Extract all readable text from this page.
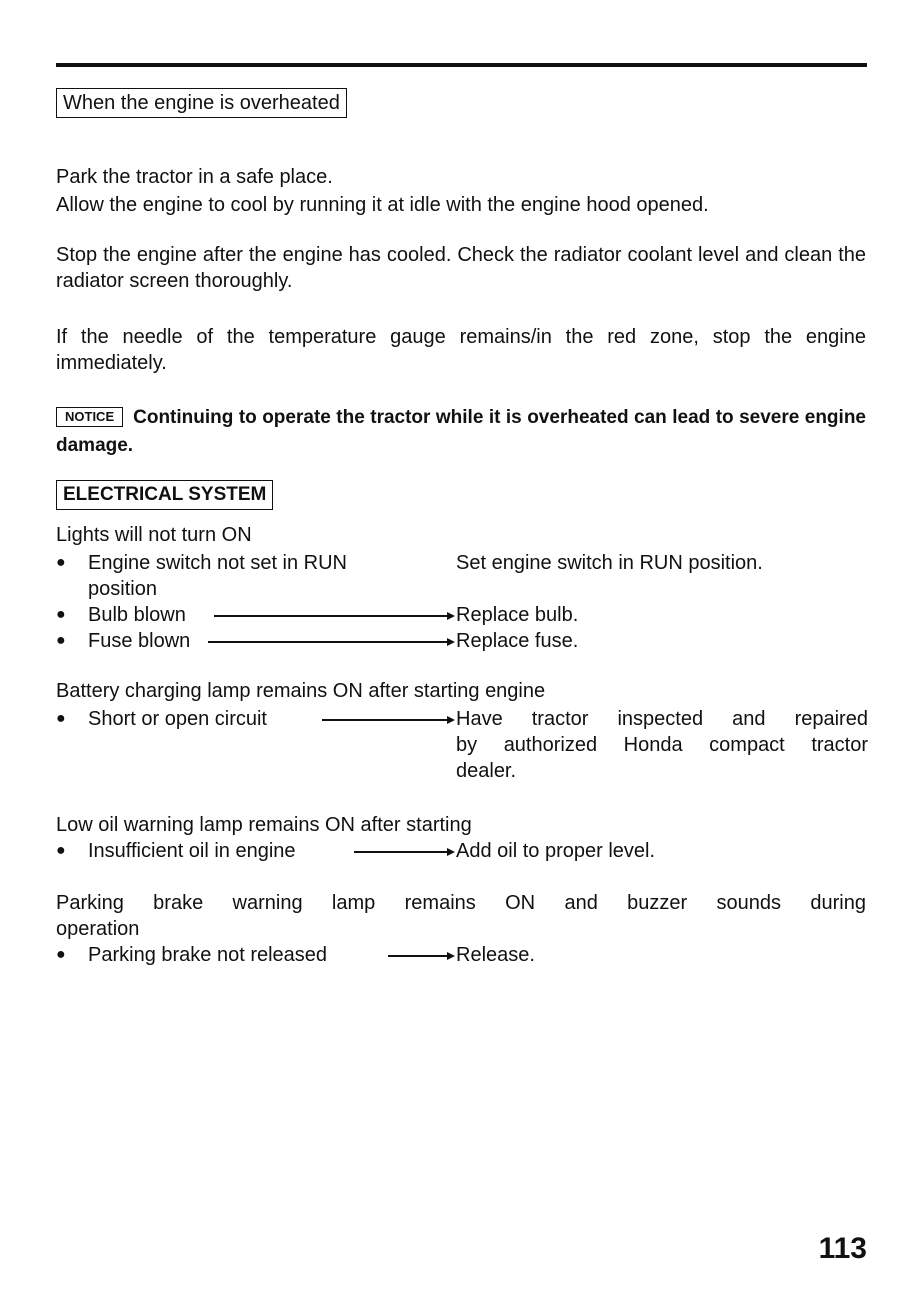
When the engine is overheated

Park the tractor in a safe place.

Allow the engine to cool by running it at idle with the engine hood opened.

Stop the engine after the engine has cooled. Check the radiator coolant level and clean the radiator screen thoroughly.

If the needle of the temperature gauge remains/in the red zone, stop the engine immediately.

NOTICE Continuing to operate the tractor while it is overheated can lead to severe engine damage.

ELECTRICAL SYSTEM
Lights will not turn ON
●	Engine switch not set in RUN	Set engine switch in RUN position.
position
●	Bulb blown	Replace bulb.
●	Fuse blown	Replace fuse.
Battery charging lamp remains ON after starting engine
●	Short or open circuit	Have tractor inspected and repaired
by authorized Honda compact tractor
dealer.
Low oil warning lamp remains ON after starting
●	Insufficient oil in engine	Add oil to proper level.
Parking brake warning lamp remains ON and buzzer sounds during
operation
●	Parking brake not released	Release.
113
